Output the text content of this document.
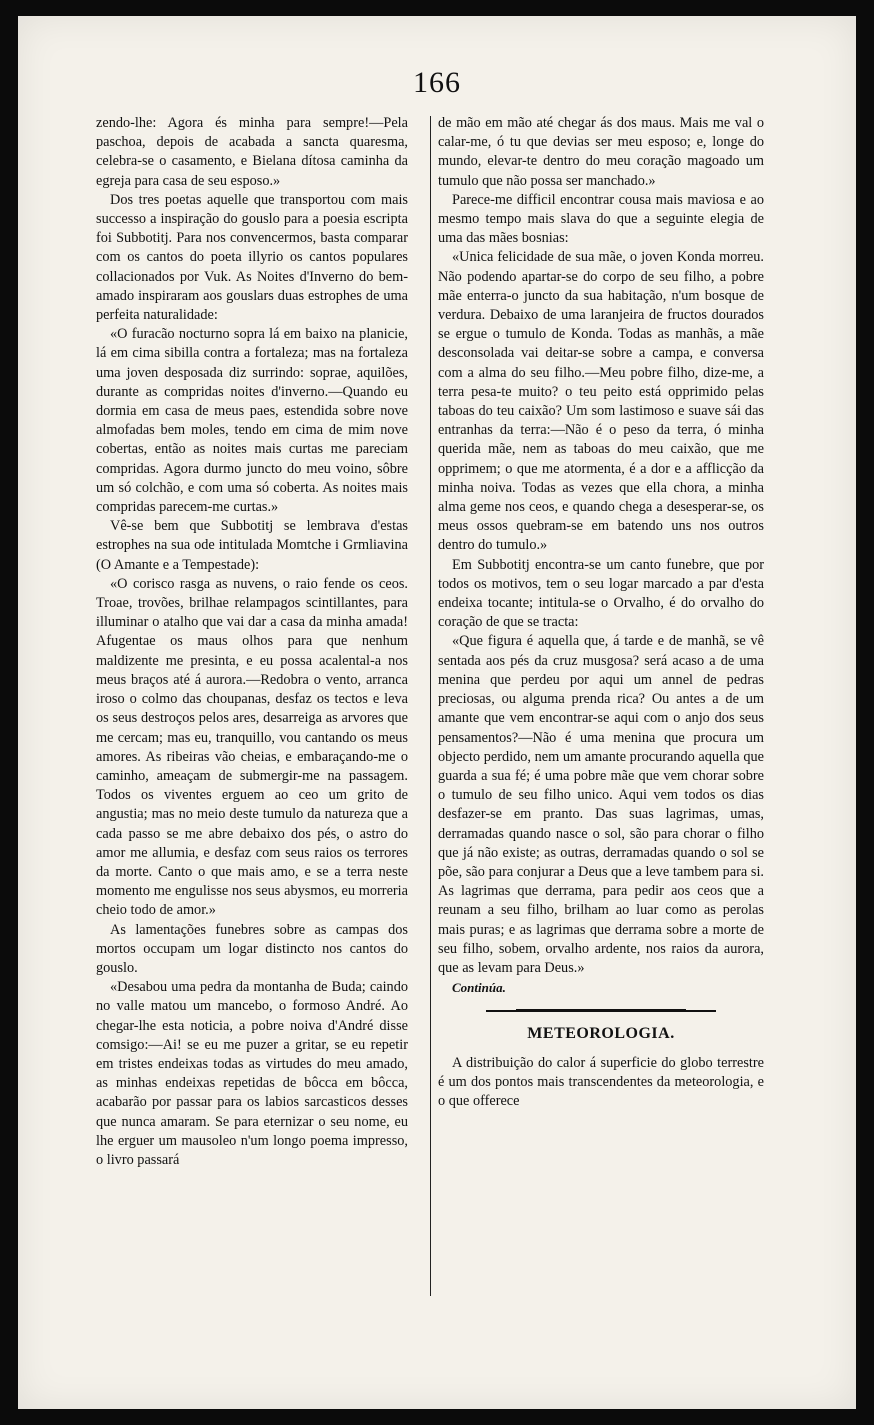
166

zendo-lhe: Agora és minha para sempre!—Pela paschoa, depois de acabada a sancta quaresma, celebra-se o casamento, e Bielana dítosa caminha da egreja para casa de seu esposo.»

Dos tres poetas aquelle que transportou com mais successo a inspiração do gouslo para a poesia escripta foi Subbotitj. Para nos convencermos, basta comparar com os cantos do poeta illyrio os cantos populares collacionados por Vuk. As Noites d'Inverno do bem-amado inspiraram aos gouslars duas estrophes de uma perfeita naturalidade:

«O furacão nocturno sopra lá em baixo na planicie, lá em cima sibilla contra a fortaleza; mas na fortaleza uma joven desposada diz surrindo: soprae, aquilões, durante as compridas noites d'inverno.—Quando eu dormia em casa de meus paes, estendida sobre nove almofadas bem moles, tendo em cima de mim nove cobertas, então as noites mais curtas me pareciam compridas. Agora durmo juncto do meu voino, sôbre um só colchão, e com uma só coberta. As noites mais compridas parecem-me curtas.»

Vê-se bem que Subbotitj se lembrava d'estas estrophes na sua ode intitulada Momtche i Grmliavina (O Amante e a Tempestade):

«O corisco rasga as nuvens, o raio fende os ceos. Troae, trovões, brilhae relampagos scintillantes, para illuminar o atalho que vai dar a casa da minha amada! Afugentae os maus olhos para que nenhum maldizente me presinta, e eu possa acalental-a nos meus braços até á aurora.—Redobra o vento, arranca iroso o colmo das choupanas, desfaz os tectos e leva os seus destroços pelos ares, desarreiga as arvores que me cercam; mas eu, tranquillo, vou cantando os meus amores. As ribeiras vão cheias, e embaraçando-me o caminho, ameaçam de submergir-me na passagem. Todos os viventes erguem ao ceo um grito de angustia; mas no meio deste tumulo da natureza que a cada passo se me abre debaixo dos pés, o astro do amor me allumia, e desfaz com seus raios os terrores da morte. Canto o que mais amo, e se a terra neste momento me engulisse nos seus abysmos, eu morreria cheio todo de amor.»

As lamentações funebres sobre as campas dos mortos occupam um logar distincto nos cantos do gouslo.

«Desabou uma pedra da montanha de Buda; caindo no valle matou um mancebo, o formoso André. Ao chegar-lhe esta noticia, a pobre noiva d'André disse comsigo:—Ai! se eu me puzer a gritar, se eu repetir em tristes endeixas todas as virtudes do meu amado, as minhas endeixas repetidas de bôcca em bôcca, acabarão por passar para os labios sarcasticos desses que nunca amaram. Se para eternizar o seu nome, eu lhe erguer um mausoleo n'um longo poema impresso, o livro passará

de mão em mão até chegar ás dos maus. Mais me val o calar-me, ó tu que devias ser meu esposo; e, longe do mundo, elevar-te dentro do meu coração magoado um tumulo que não possa ser manchado.»

Parece-me difficil encontrar cousa mais maviosa e ao mesmo tempo mais slava do que a seguinte elegia de uma das mães bosnias:

«Unica felicidade de sua mãe, o joven Konda morreu. Não podendo apartar-se do corpo de seu filho, a pobre mãe enterra-o juncto da sua habitação, n'um bosque de verdura. Debaixo de uma laranjeira de fructos dourados se ergue o tumulo de Konda. Todas as manhãs, a mãe desconsolada vai deitar-se sobre a campa, e conversa com a alma do seu filho.—Meu pobre filho, dize-me, a terra pesa-te muito? o teu peito está opprimido pelas taboas do teu caixão? Um som lastimoso e suave sái das entranhas da terra:—Não é o peso da terra, ó minha querida mãe, nem as taboas do meu caixão, que me opprimem; o que me atormenta, é a dor e a afflicção da minha noiva. Todas as vezes que ella chora, a minha alma geme nos ceos, e quando chega a desesperar-se, os meus ossos quebram-se em batendo uns nos outros dentro do tumulo.»

Em Subbotitj encontra-se um canto funebre, que por todos os motivos, tem o seu logar marcado a par d'esta endeixa tocante; intitula-se o Orvalho, é do orvalho do coração de que se tracta:

«Que figura é aquella que, á tarde e de manhã, se vê sentada aos pés da cruz musgosa? será acaso a de uma menina que perdeu por aqui um annel de pedras preciosas, ou alguma prenda rica? Ou antes a de um amante que vem encontrar-se aqui com o anjo dos seus pensamentos?—Não é uma menina que procura um objecto perdido, nem um amante procurando aquella que guarda a sua fé; é uma pobre mãe que vem chorar sobre o tumulo de seu filho unico. Aqui vem todos os dias desfazer-se em pranto. Das suas lagrimas, umas, derramadas quando nasce o sol, são para chorar o filho que já não existe; as outras, derramadas quando o sol se põe, são para conjurar a Deus que a leve tambem para si. As lagrimas que derrama, para pedir aos ceos que a reunam a seu filho, brilham ao luar como as perolas mais puras; e as lagrimas que derrama sobre a morte de seu filho, sobem, orvalho ardente, nos raios da aurora, que as levam para Deus.»

Continúa.

METEOROLOGIA.

A distribuição do calor á superficie do globo terrestre é um dos pontos mais transcendentes da meteorologia, e o que offerece
